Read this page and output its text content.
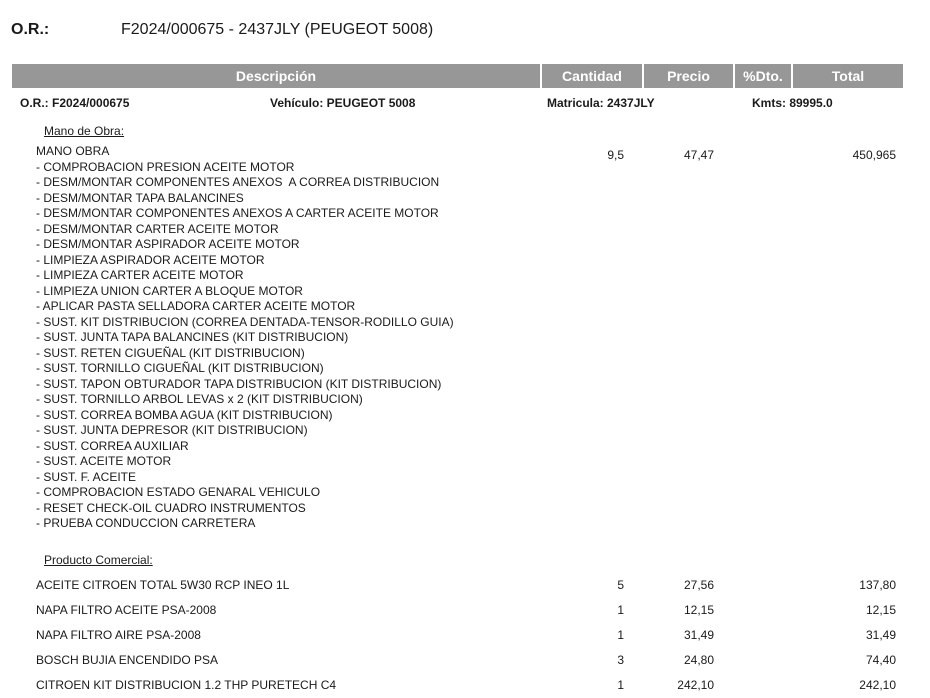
O.R.:	F2024/000675 - 2437JLY (PEUGEOT 5008)
Descripción	Cantidad	Precio	%Dto.	Total
O.R.: F2024/000675	Vehículo: PEUGEOT 5008	Matricula: 2437JLY	Kmts: 89995.0
Mano de Obra:
MANO OBRA
- COMPROBACION PRESION ACEITE MOTOR
- DESM/MONTAR COMPONENTES ANEXOS  A CORREA DISTRIBUCION
- DESM/MONTAR TAPA BALANCINES
- DESM/MONTAR COMPONENTES ANEXOS A CARTER ACEITE MOTOR
- DESM/MONTAR CARTER ACEITE MOTOR
- DESM/MONTAR ASPIRADOR ACEITE MOTOR
- LIMPIEZA ASPIRADOR ACEITE MOTOR
- LIMPIEZA CARTER ACEITE MOTOR
- LIMPIEZA UNION CARTER A BLOQUE MOTOR
- APLICAR PASTA SELLADORA CARTER ACEITE MOTOR
- SUST. KIT DISTRIBUCION (CORREA DENTADA-TENSOR-RODILLO GUIA)
- SUST. JUNTA TAPA BALANCINES (KIT DISTRIBUCION)
- SUST. RETEN CIGUEÑAL (KIT DISTRIBUCION)
- SUST. TORNILLO CIGUEÑAL (KIT DISTRIBUCION)
- SUST. TAPON OBTURADOR TAPA DISTRIBUCION (KIT DISTRIBUCION)
- SUST. TORNILLO ARBOL LEVAS x 2 (KIT DISTRIBUCION)
- SUST. CORREA BOMBA AGUA (KIT DISTRIBUCION)
- SUST. JUNTA DEPRESOR (KIT DISTRIBUCION)
- SUST. CORREA AUXILIAR
- SUST. ACEITE MOTOR
- SUST. F. ACEITE
- COMPROBACION ESTADO GENARAL VEHICULO
- RESET CHECK-OIL CUADRO INSTRUMENTOS
- PRUEBA CONDUCCION CARRETERA
9,5	47,47	450,965
Producto Comercial:
ACEITE CITROEN TOTAL 5W30 RCP INEO 1L	5	27,56	137,80
NAPA FILTRO ACEITE PSA-2008	1	12,15	12,15
NAPA FILTRO AIRE PSA-2008	1	31,49	31,49
BOSCH BUJIA ENCENDIDO PSA	3	24,80	74,40
CITROEN KIT DISTRIBUCION 1.2 THP PURETECH C4	1	242,10	242,10
